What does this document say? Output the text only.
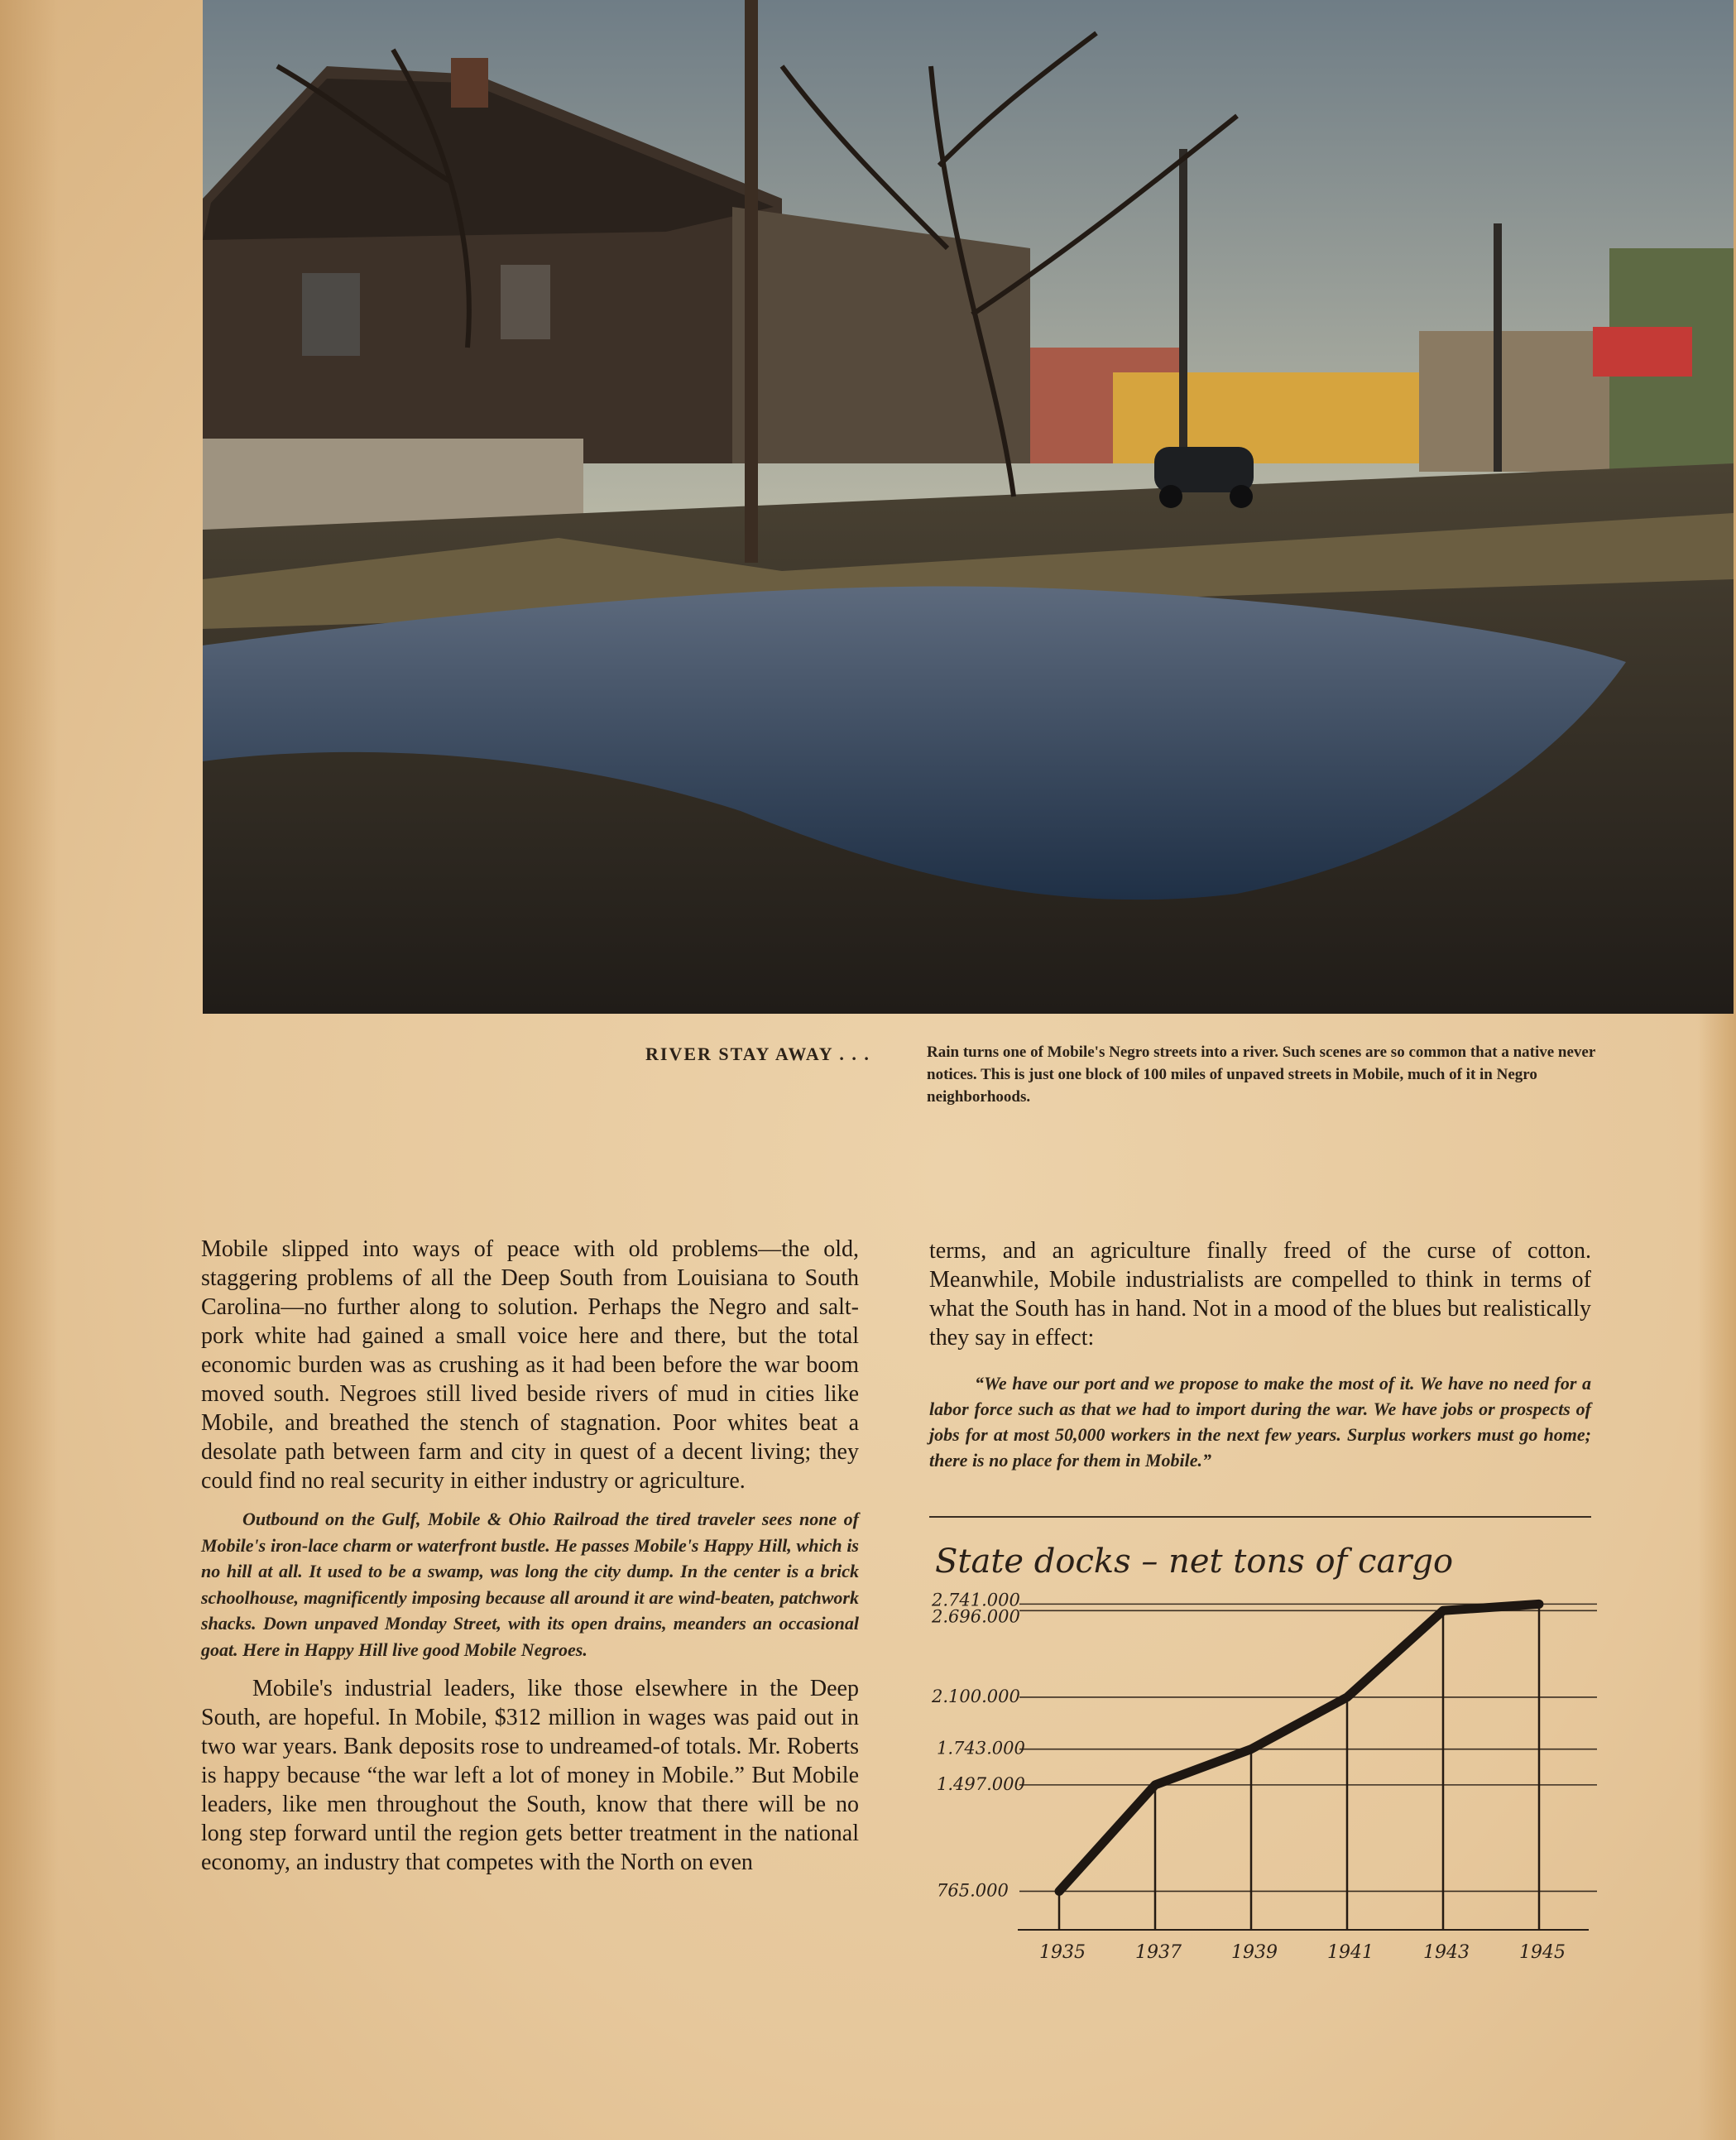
RIVER STAY AWAY . . .	Rain turns one of Mobile's Negro streets into a river. Such scenes are so common that a native never notices. This is just one block of 100 miles of unpaved streets in Mobile, much of it in Negro neighborhoods.

Mobile slipped into ways of peace with old problems—the old, staggering problems of all the Deep South from Louisiana to South Carolina—no further along to solution. Perhaps the Negro and salt-pork white had gained a small voice here and there, but the total economic burden was as crushing as it had been before the war boom moved south. Negroes still lived beside rivers of mud in cities like Mobile, and breathed the stench of stagnation. Poor whites beat a desolate path between farm and city in quest of a decent living; they could find no real security in either industry or agriculture.

Outbound on the Gulf, Mobile & Ohio Railroad the tired traveler sees none of Mobile's iron-lace charm or waterfront bustle. He passes Mobile's Happy Hill, which is no hill at all. It used to be a swamp, was long the city dump. In the center is a brick schoolhouse, magnificently imposing because all around it are wind-beaten, patchwork shacks. Down unpaved Monday Street, with its open drains, meanders an occasional goat. Here in Happy Hill live good Mobile Negroes.

Mobile's industrial leaders, like those elsewhere in the Deep South, are hopeful. In Mobile, $312 million in wages was paid out in two war years. Bank deposits rose to undreamed-of totals. Mr. Roberts is happy because “the war left a lot of money in Mobile.” But Mobile leaders, like men throughout the South, know that there will be no long step forward until the region gets better treatment in the national economy, an industry that competes with the North on even

terms, and an agriculture finally freed of the curse of cotton. Meanwhile, Mobile industrialists are compelled to think in terms of what the South has in hand. Not in a mood of the blues but realistically they say in effect:

“We have our port and we propose to make the most of it. We have no need for a labor force such as that we had to import during the war. We have jobs or prospects of jobs for at most 50,000 workers in the next few years. Surplus workers must go home; there is no place for them in Mobile.”

State docks – net tons of cargo
2.741.000
2.696.000
2.100.000
1.743.000
1.497.000
765.000
1935	1937	1939	1941	1943	1945
